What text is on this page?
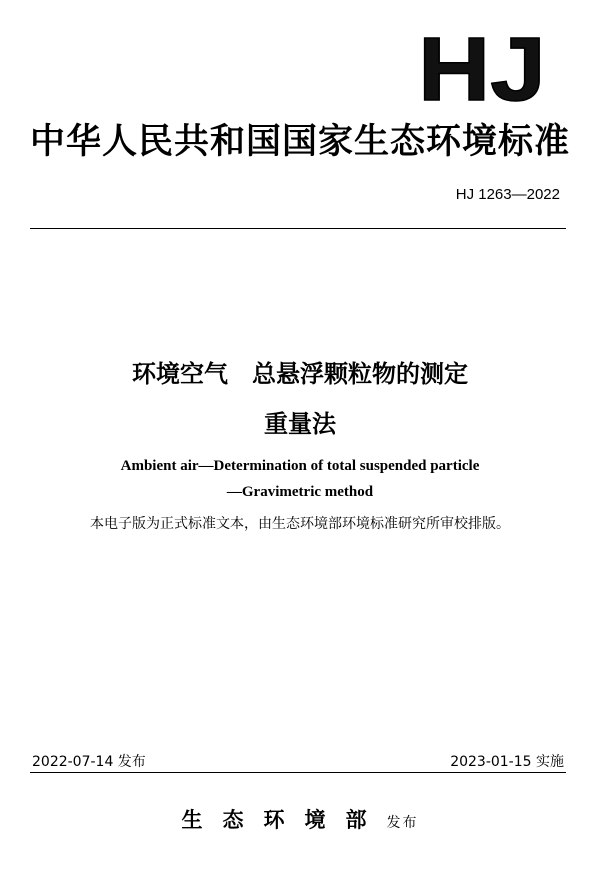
HJ
中华人民共和国国家生态环境标准
HJ 1263—2022
环境空气　总悬浮颗粒物的测定
重量法
Ambient air—Determination of total suspended particle
—Gravimetric method
本电子版为正式标准文本，由生态环境部环境标准研究所审校排版。
2022-07-14 发布	2023-01-15 实施
生态环境部发布
